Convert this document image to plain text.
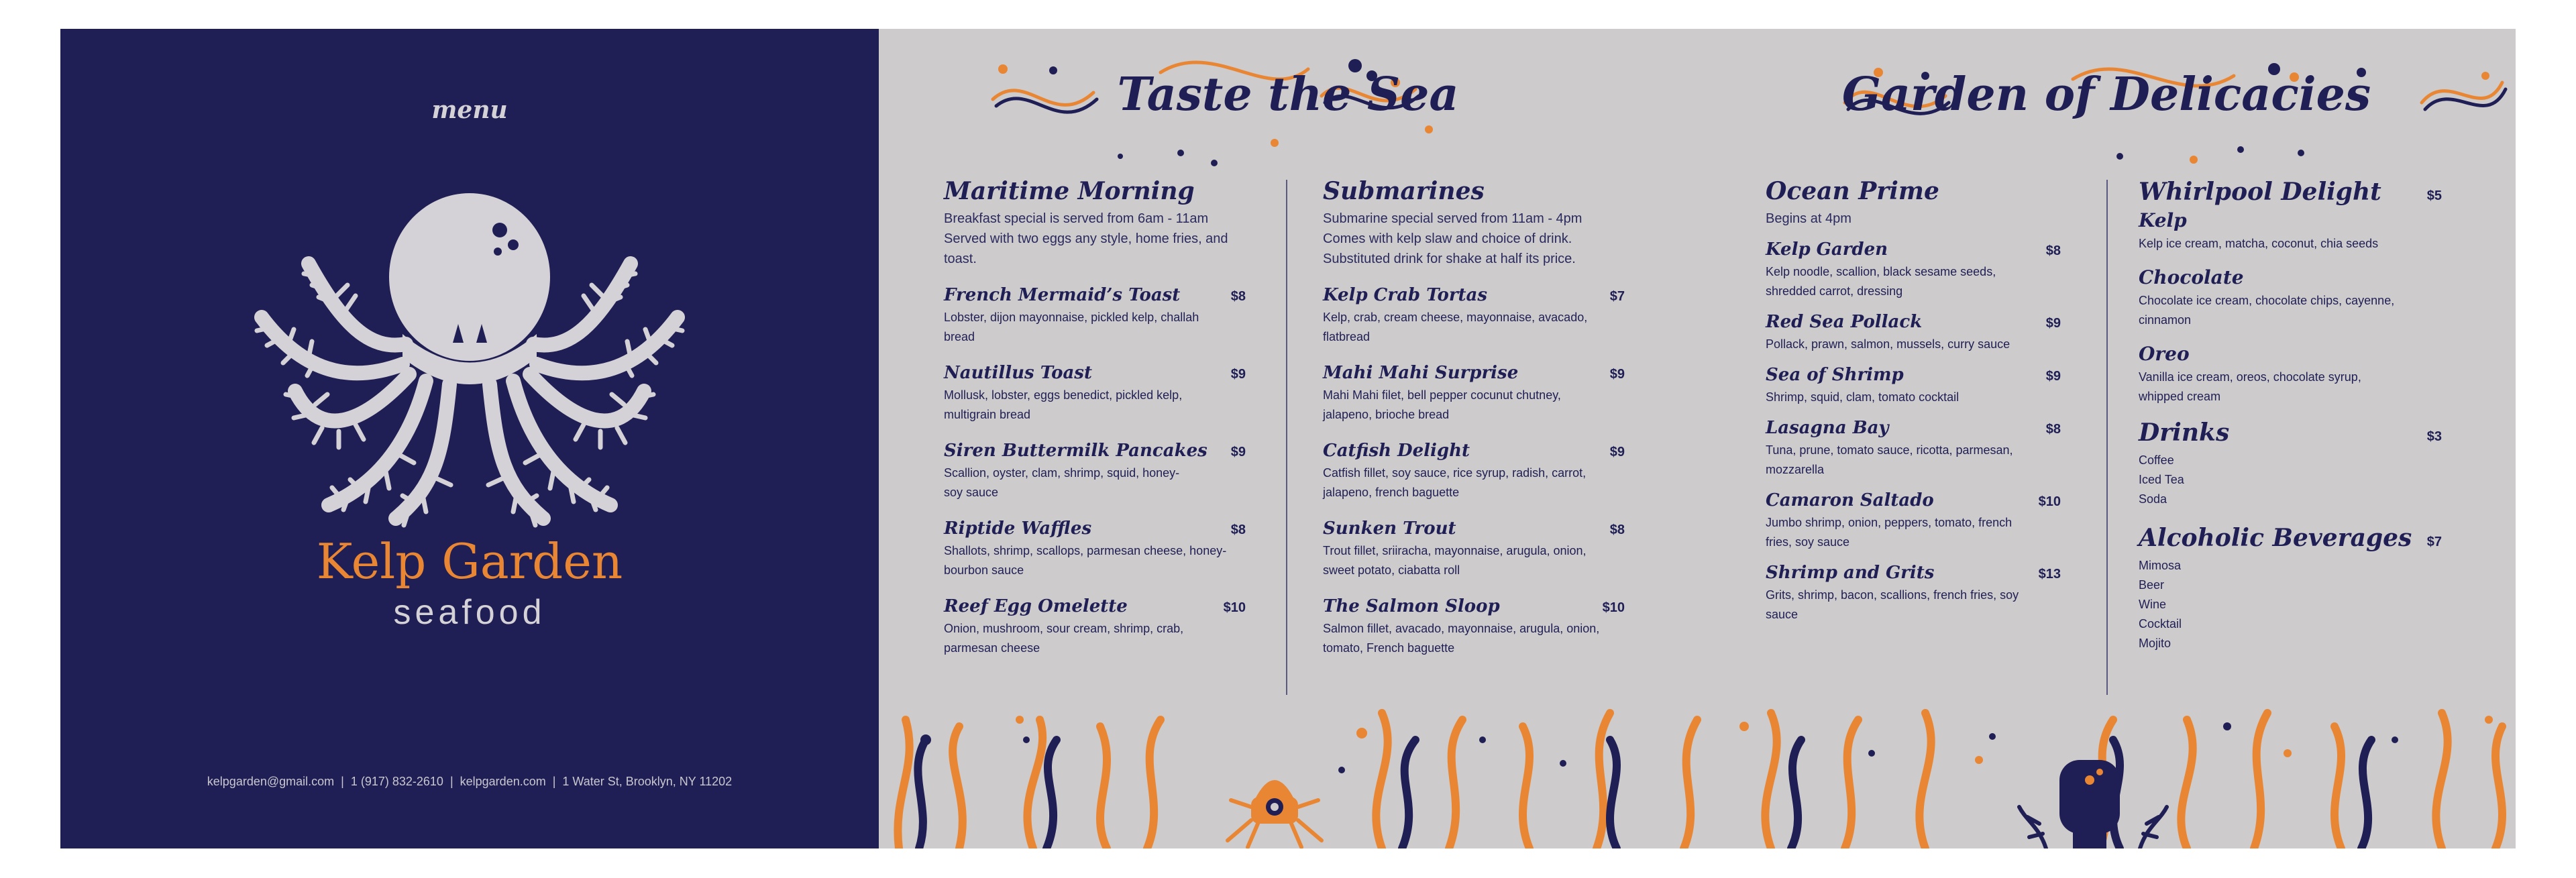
menu
Kelp Garden
seafood
kelpgarden@gmail.com | 1 (917) 832-2610 | kelpgarden.com | 1 Water St, Brooklyn, NY 11202
Taste the Sea	Garden of Delicacies
Maritime Morning
Breakfast special is served from 6am - 11am Served with two eggs any style, home fries, and toast.
French Mermaid’s Toast	$8
Lobster, dijon mayonnaise, pickled kelp, challah bread
Nautillus Toast	$9
Mollusk, lobster, eggs benedict, pickled kelp, multigrain bread
Siren Buttermilk Pancakes $9
Scallion, oyster, clam, shrimp, squid, honey-soy sauce
Riptide Waffles	$8
Shallots, shrimp, scallops, parmesan cheese, honey-bourbon sauce
Reef Egg Omelette	$10
Onion, mushroom, sour cream, shrimp, crab, parmesan cheese
Submarines
Submarine special served from 11am - 4pm Comes with kelp slaw and choice of drink. Substituted drink for shake at half its price.
Kelp Crab Tortas	$7
Kelp, crab, cream cheese, mayonnaise, avacado, flatbread
Mahi Mahi Surprise	$9
Mahi Mahi filet, bell pepper cocunut chutney, jalapeno, brioche bread
Catfish Delight	$9
Catfish fillet, soy sauce, rice syrup, radish, carrot, jalapeno, french baguette
Sunken Trout	$8
Trout fillet, sriiracha, mayonnaise, arugula, onion, sweet potato, ciabatta roll
The Salmon Sloop	$10
Salmon fillet, avacado, mayonnaise, arugula, onion, tomato, French baguette
Ocean Prime
Begins at 4pm
Kelp Garden	$8
Kelp noodle, scallion, black sesame seeds, shredded carrot, dressing
Red Sea Pollack	$9
Pollack, prawn, salmon, mussels, curry sauce
Sea of Shrimp	$9
Shrimp, squid, clam, tomato cocktail
Lasagna Bay	$8
Tuna, prune, tomato sauce, ricotta, parmesan, mozzarella
Camaron Saltado	$10
Jumbo shrimp, onion, peppers, tomato, french fries, soy sauce
Shrimp and Grits	$13
Grits, shrimp, bacon, scallions, french fries, soy sauce
Whirlpool Delight	$5
Kelp
Kelp ice cream, matcha, coconut, chia seeds
Chocolate
Chocolate ice cream, chocolate chips, cayenne, cinnamon
Oreo
Vanilla ice cream, oreos, chocolate syrup, whipped cream
Drinks	$3
Coffee
Iced Tea
Soda
Alcoholic Beverages $7
Mimosa
Beer
Wine
Cocktail
Mojito
